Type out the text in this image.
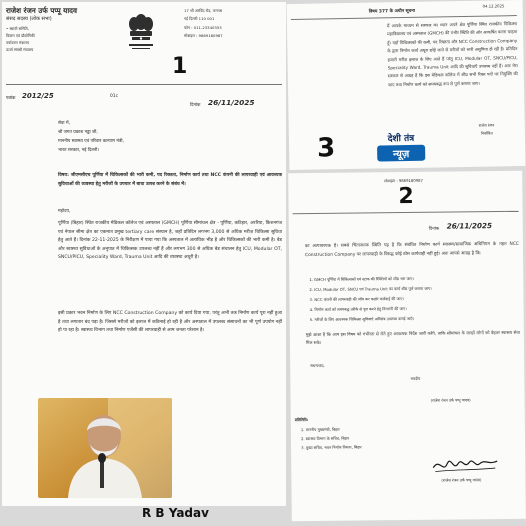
राजेश रंजन उर्फ पप्पू यादव
संसद सदस्य (लोक सभा)
• स्थायी समिति-
विज्ञान एवं प्रौद्योगिकी
पर्यावरण मंत्रालय
ऊर्जा संबंधी मंत्रालय
17 श्री अरविंद रोड, जनपथ
नई दिल्ली 110 001
फोन : 011-23340353
मोबाइल : 9869180987
1
पत्रांक 2012/25	01c
दिनांक 26/11/2025
सेवा में,
श्री जगत प्रकाश नड्डा जी,
माननीय स्वास्थ्य एवं परिवार कल्याण मंत्री,
भारत सरकार, नई दिल्ली।
विषय: जीएमसीएच पूर्णिया में चिकित्सकों की भारी कमी, पद रिक्तता, निर्माण कार्य तथा NCC कंपनी की लापरवाही एवं आवश्यक सुविधाओं की व्यवस्था हेतु मरीजों के उपचार में बाधा उत्पन्न करने के संबंध में।
महोदय,
पूर्णिया (बिहार) स्थित राजकीय मेडिकल कॉलेज एवं अस्पताल (GMCH) पूर्णिया सीमांचल क्षेत्र - पूर्णिया, कटिहार, अररिया, किशनगंज एवं नेपाल सीमा क्षेत्र का एकमात्र प्रमुख tertiary care संस्थान है, जहाँ प्रतिदिन लगभग 3,000 से अधिक मरीज़ चिकित्सा सुविधा हेतु आते हैं। दिनांक 22-11-2025 के निरीक्षण में पाया गया कि अस्पताल में अत्यधिक भीड़ है और चिकित्सकों की भारी कमी है। बेड और स्वास्थ्य सुविधाओं के अनुपात में चिकित्सक उपलब्ध नहीं हैं और लगभग 300 से अधिक बेड संचालन हेतु ICU, Modular OT, SNCU/PICU, Speciality Ward, Trauma Unit आदि की व्यवस्था अधूरी है।
इसी प्रकार भवन निर्माण के लिए NCC Construction Company को कार्य दिया गया, परंतु अभी तक निर्माण कार्य पूरा नहीं हुआ है तथा लगातार बंद पड़ा है। जिससे मरीजों को इलाज में कठिनाई हो रही है और अस्पताल में उपलब्ध संसाधनों का भी पूर्ण उपयोग नहीं हो पा रहा है। स्वास्थ्य विभाग तथा निर्माण एजेंसी की लापरवाही से आम जनता परेशान है।
R B Yadav
विषय 377 के अधीन सूचना
04.12.2025
मैं आपके माध्यम से सरकार का ध्यान अपने क्षेत्र पूर्णिया स्थित राजकीय चिकित्सा महाविद्यालय एवं अस्पताल (GMCH) की गंभीर स्थिति की ओर आकर्षित करना चाहता हूँ। यहाँ चिकित्सकों की कमी, पद रिक्तता और NCC Construction Company के द्वारा निर्माण कार्य अधूरा छोड़े जाने से मरीजों को भारी असुविधा हो रही है। प्रतिदिन हजारों मरीज़ इलाज के लिए आते हैं परंतु ICU, Modular OT, SNCU/PICU, Speciality Ward, Trauma Unit आदि की सुविधाएँ उपलब्ध नहीं हैं। अतः मेरा सरकार से आग्रह है कि इस मेडिकल कॉलेज में शीघ्र सभी रिक्त पदों पर नियुक्ति की जाए तथा निर्माण कार्य को समयबद्ध रूप से पूर्ण कराया जाए।
3
राजेश रंजन
निर्वाचित
देशी तंत्र
न्यूज़
मोबाइल : 9869180987
2
दिनांक 26/11/2025
का अत्यावश्यक है। सबसे चिंताजनक स्थिति यह है कि संबंधित निर्माण कार्य स्वास्थ्य/सामाजिक अधिनियम के तहत NCC Construction Company पर लापरवाही के विरुद्ध कोई ठोस कार्यवाही नहीं हुई। अतः आपसे आग्रह है कि:
1. GMCH पूर्णिया में चिकित्सकों एवं स्टाफ की रिक्तियों को शीघ्र भरा जाए।
2. ICU, Modular OT, SNCU एवं Trauma Unit का कार्य शीघ्र पूर्ण कराया जाए।
3. NCC कंपनी की लापरवाही की जाँच कर कठोर कार्रवाई की जाए।
4. निर्माण कार्य को समयबद्ध तरीके से पूरा करने हेतु निगरानी की जाए।
5. मरीजों के लिए आवश्यक चिकित्सा सुविधाएँ अविलंब उपलब्ध कराई जाएँ।
मुझे आशा है कि आप इस विषय को गंभीरता से लेते हुए आवश्यक निर्देश जारी करेंगे, ताकि सीमांचल के लाखों लोगों को बेहतर स्वास्थ्य सेवा मिल सके।
सधन्यवाद,
भवदीय
(राजेश रंजन उर्फ पप्पू यादव)
प्रतिलिपि:
1. माननीय मुख्यमंत्री, बिहार
2. स्वास्थ्य विभाग के सचिव, बिहार
3. मुख्य सचिव, भवन निर्माण विभाग, बिहार
(राजेश रंजन उर्फ पप्पू यादव)
